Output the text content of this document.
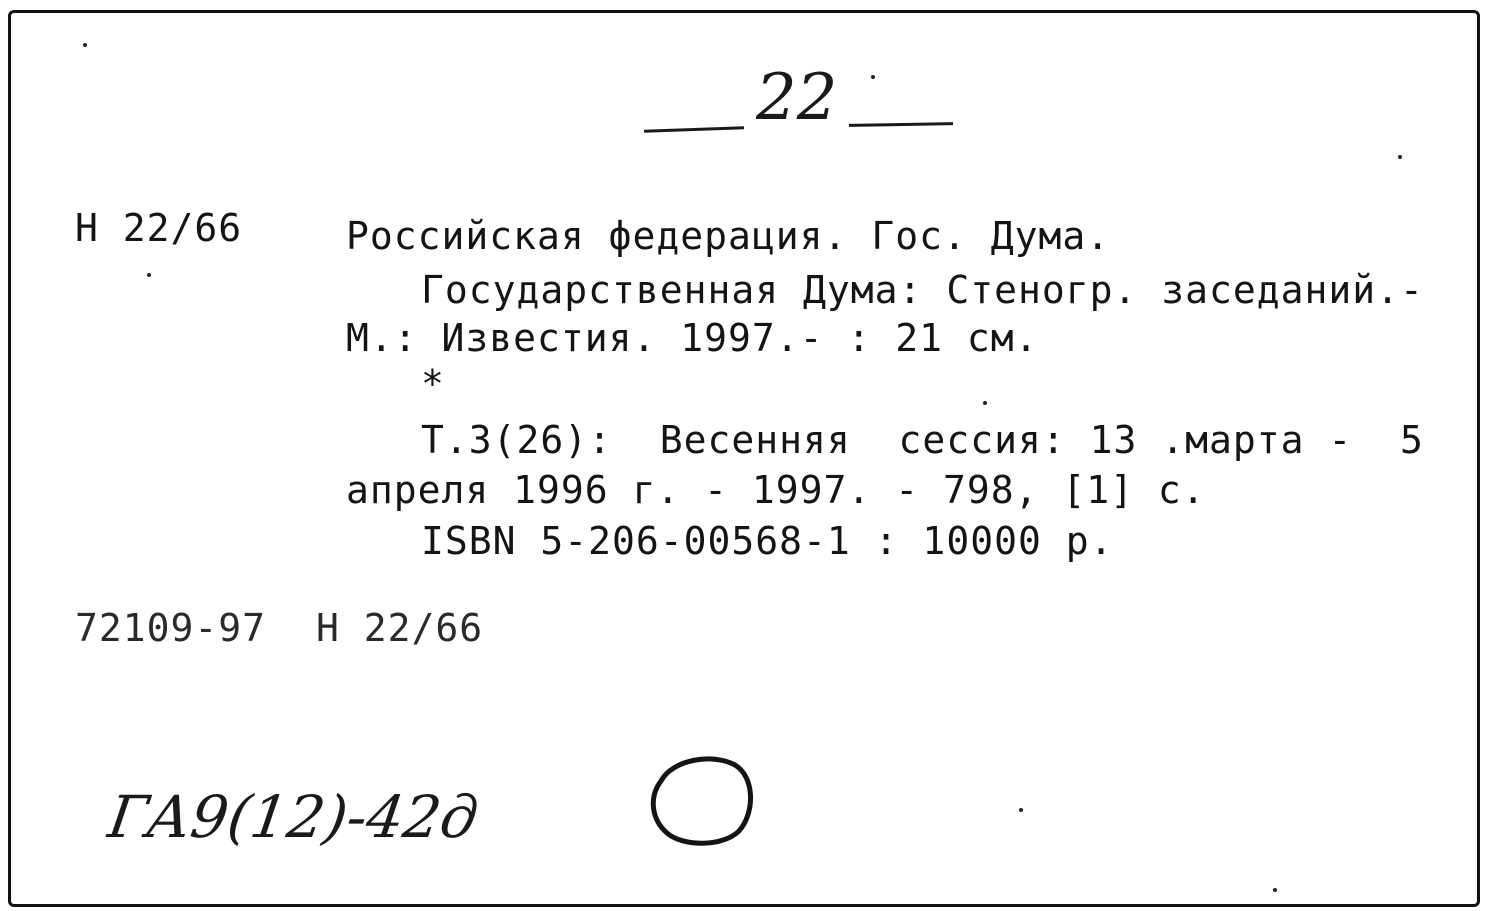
22
Н 22/66	Российская федерация. Гос. Дума.
Государственная Дума: Стеногр. заседаний.-
М.: Известия. 1997.- : 21 см.
*
Т.3(26):  Весенняя  сессия: 13 .марта -  5
апреля 1996 г. - 1997. - 798, [1] с.
ISBN 5-206-00568-1 : 10000 р.
72109-97 Н 22/66
ГА9(12)-42д
